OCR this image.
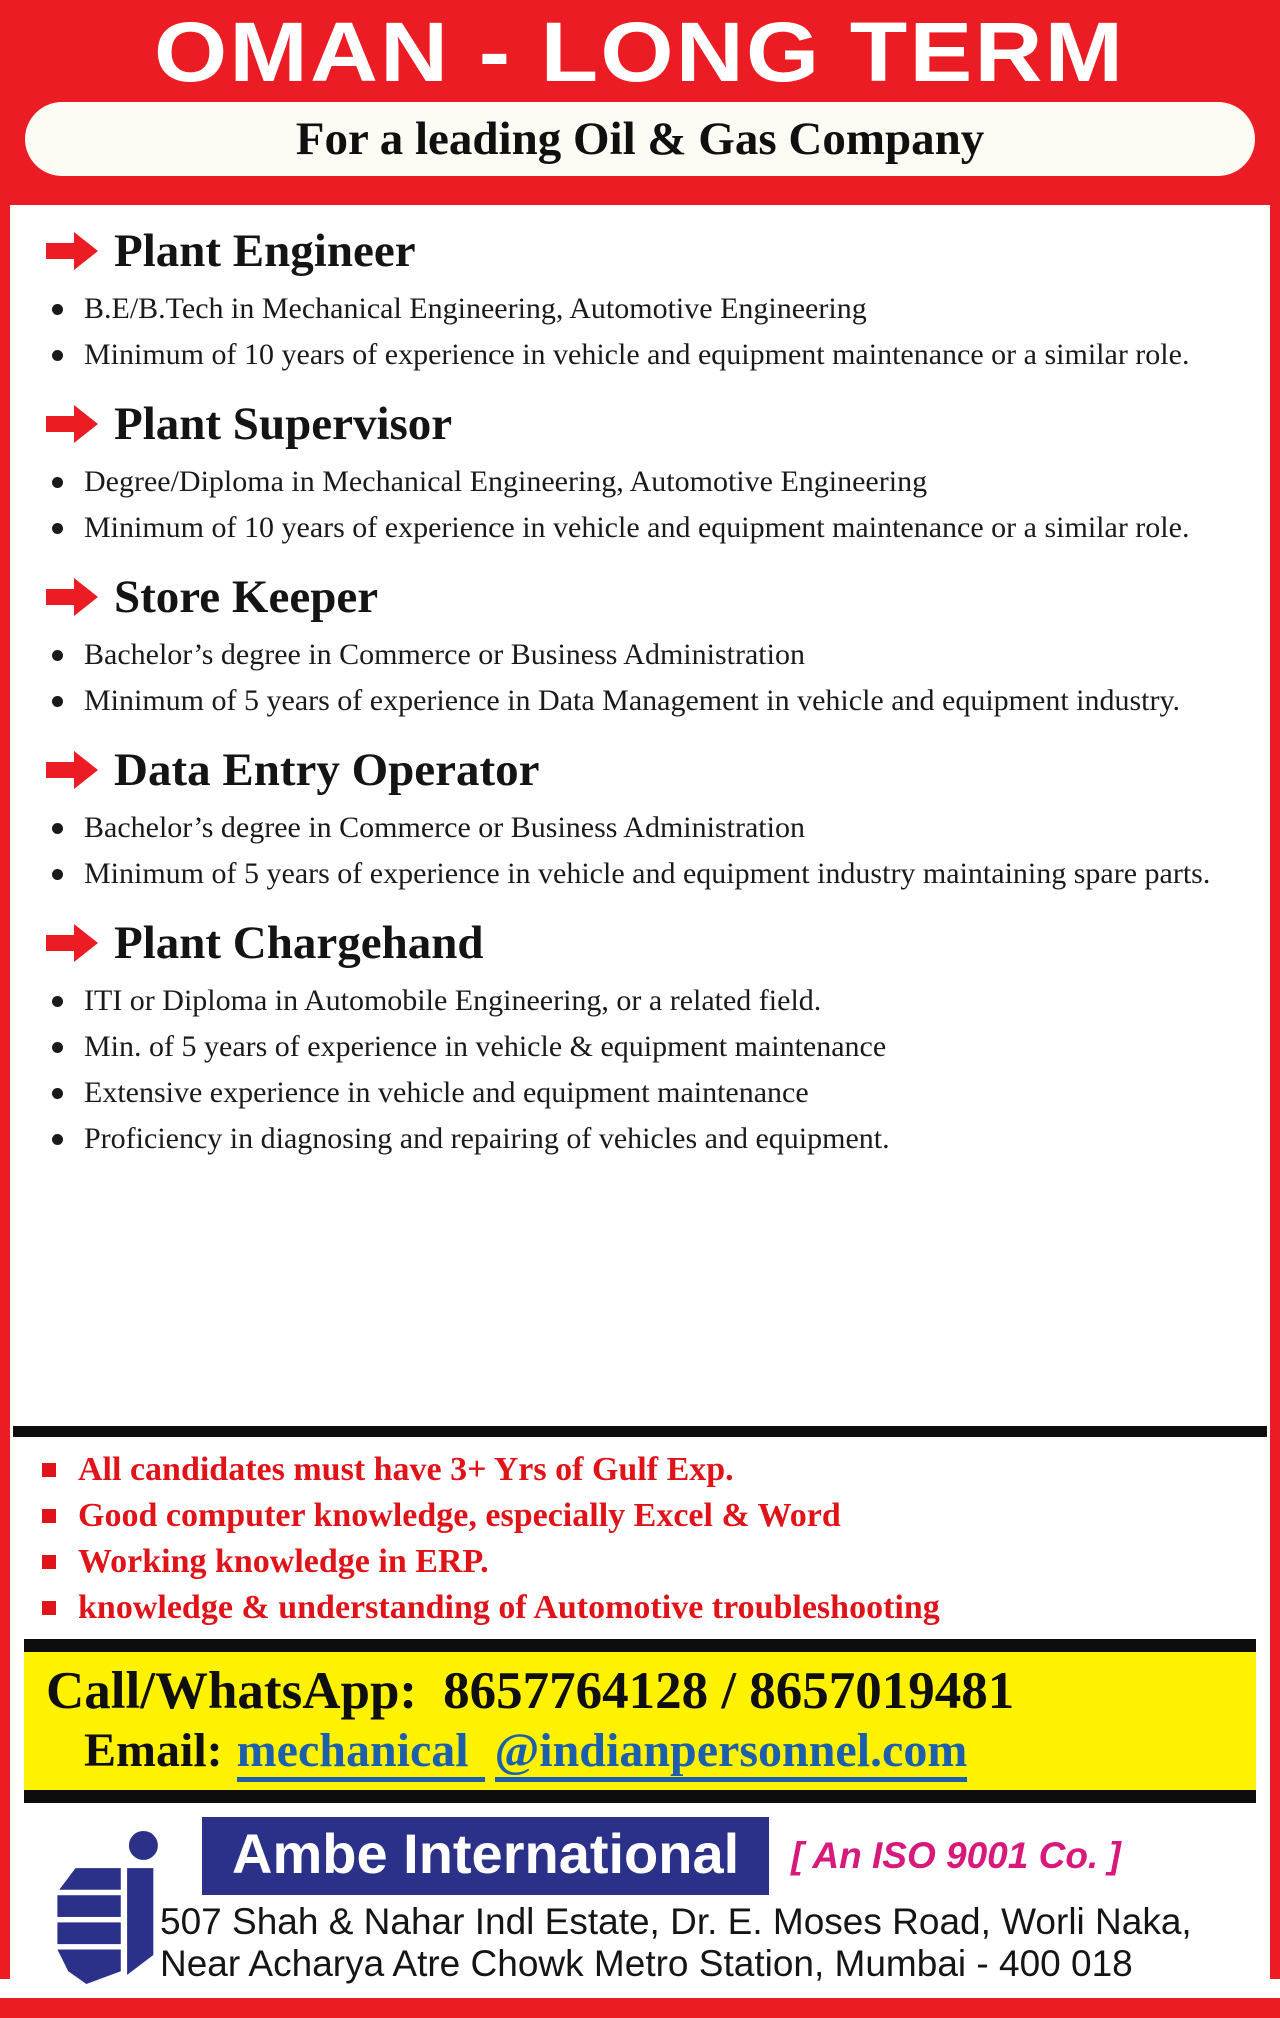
OMAN - LONG TERM
For a leading Oil & Gas Company
Plant Engineer
B.E/B.Tech in Mechanical Engineering, Automotive Engineering
Minimum of 10 years of experience in vehicle and equipment maintenance or a similar role.
Plant Supervisor
Degree/Diploma in Mechanical Engineering, Automotive Engineering
Minimum of 10 years of experience in vehicle and equipment maintenance or a similar role.
Store Keeper
Bachelor’s degree in Commerce or Business Administration
Minimum of 5 years of experience in Data Management in vehicle and equipment industry.
Data Entry Operator
Bachelor’s degree in Commerce or Business Administration
Minimum of 5 years of experience in vehicle and equipment industry maintaining spare parts.
Plant Chargehand
ITI or Diploma in Automobile Engineering, or a related field.
Min. of 5 years of experience in vehicle & equipment maintenance
Extensive experience in vehicle and equipment maintenance
Proficiency in diagnosing and repairing of vehicles and equipment.
All candidates must have 3+ Yrs of Gulf Exp.
Good computer knowledge, especially Excel & Word
Working knowledge in ERP.
knowledge & understanding of Automotive troubleshooting
Call/WhatsApp: 8657764128 / 8657019481
Email: mechanical @indianpersonnel.com
Ambe International	[ An ISO 9001 Co. ]
507 Shah & Nahar Indl Estate, Dr. E. Moses Road, Worli Naka,
Near Acharya Atre Chowk Metro Station, Mumbai - 400 018
